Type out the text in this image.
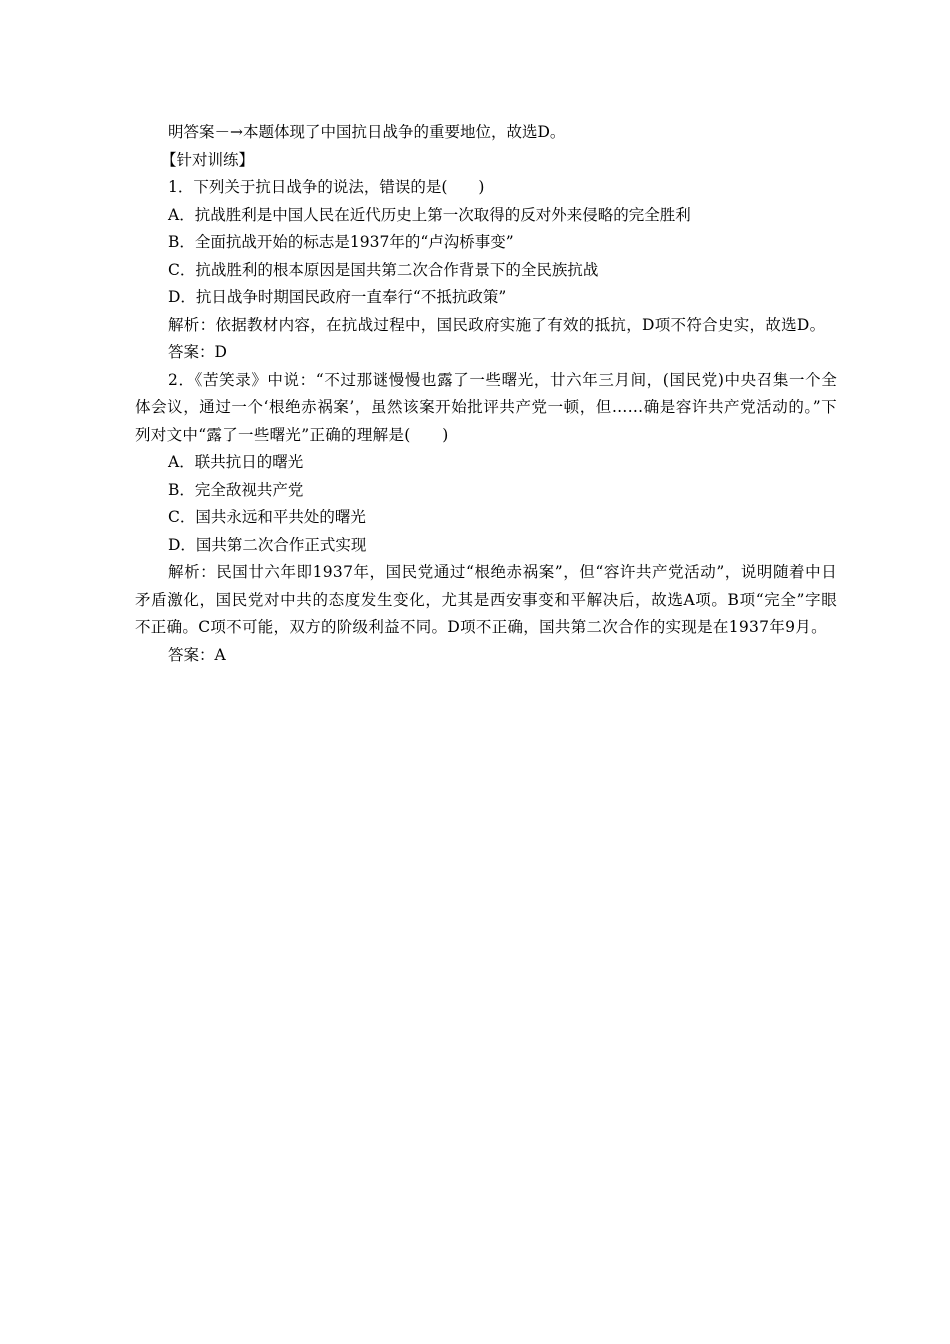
明答案－→本题体现了中国抗日战争的重要地位，故选D。
【针对训练】
1．下列关于抗日战争的说法，错误的是(　　)
A．抗战胜利是中国人民在近代历史上第一次取得的反对外来侵略的完全胜利
B．全面抗战开始的标志是1937年的“卢沟桥事变”
C．抗战胜利的根本原因是国共第二次合作背景下的全民族抗战
D．抗日战争时期国民政府一直奉行“不抵抗政策”
解析：依据教材内容，在抗战过程中，国民政府实施了有效的抵抗，D项不符合史实，故选D。
答案：D
2．《苦笑录》中说：“不过那谜慢慢也露了一些曙光，廿六年三月间，(国民党)中央召集一个全体会议，通过一个‘根绝赤祸案’，虽然该案开始批评共产党一顿，但……确是容许共产党活动的。”下列对文中“露了一些曙光”正确的理解是(　　)
A．联共抗日的曙光
B．完全敌视共产党
C．国共永远和平共处的曙光
D．国共第二次合作正式实现
解析：民国廿六年即1937年，国民党通过“根绝赤祸案”，但“容许共产党活动”，说明随着中日矛盾激化，国民党对中共的态度发生变化，尤其是西安事变和平解决后，故选A项。B项“完全”字眼不正确。C项不可能，双方的阶级利益不同。D项不正确，国共第二次合作的实现是在1937年9月。
答案：A
